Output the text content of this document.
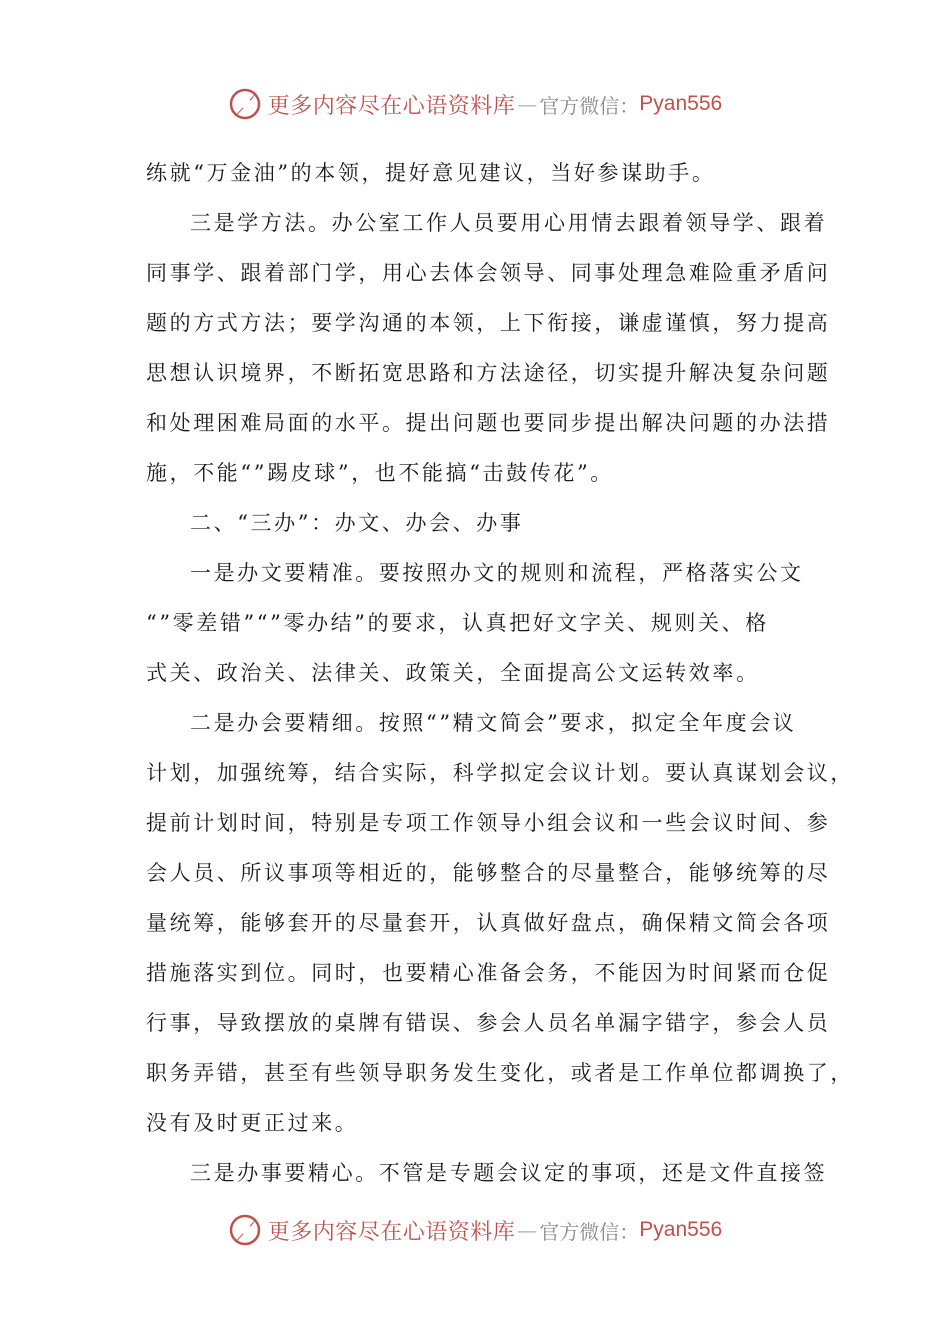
更多内容尽在心语资料库 — 官方微信： Pyan556
练就“万金油”的本领，提好意见建议，当好参谋助手。
三是学方法。办公室工作人员要用心用情去跟着领导学、跟着
同事学、跟着部门学，用心去体会领导、同事处理急难险重矛盾问
题的方式方法；要学沟通的本领，上下衔接，谦虚谨慎，努力提高
思想认识境界，不断拓宽思路和方法途径，切实提升解决复杂问题
和处理困难局面的水平。提出问题也要同步提出解决问题的办法措
施，不能“”踢皮球”，也不能搞“击鼓传花”。
二、“三办”：办文、办会、办事
一是办文要精准。要按照办文的规则和流程，严格落实公文
“”零差错”“”零办结”的要求，认真把好文字关、规则关、格
式关、政治关、法律关、政策关，全面提高公文运转效率。
二是办会要精细。按照“”精文简会”要求，拟定全年度会议
计划，加强统筹，结合实际，科学拟定会议计划。要认真谋划会议，
提前计划时间，特别是专项工作领导小组会议和一些会议时间、参
会人员、所议事项等相近的，能够整合的尽量整合，能够统筹的尽
量统筹，能够套开的尽量套开，认真做好盘点，确保精文简会各项
措施落实到位。同时，也要精心准备会务，不能因为时间紧而仓促
行事，导致摆放的桌牌有错误、参会人员名单漏字错字，参会人员
职务弄错，甚至有些领导职务发生变化，或者是工作单位都调换了，
没有及时更正过来。
三是办事要精心。不管是专题会议定的事项，还是文件直接签
更多内容尽在心语资料库 — 官方微信： Pyan556
